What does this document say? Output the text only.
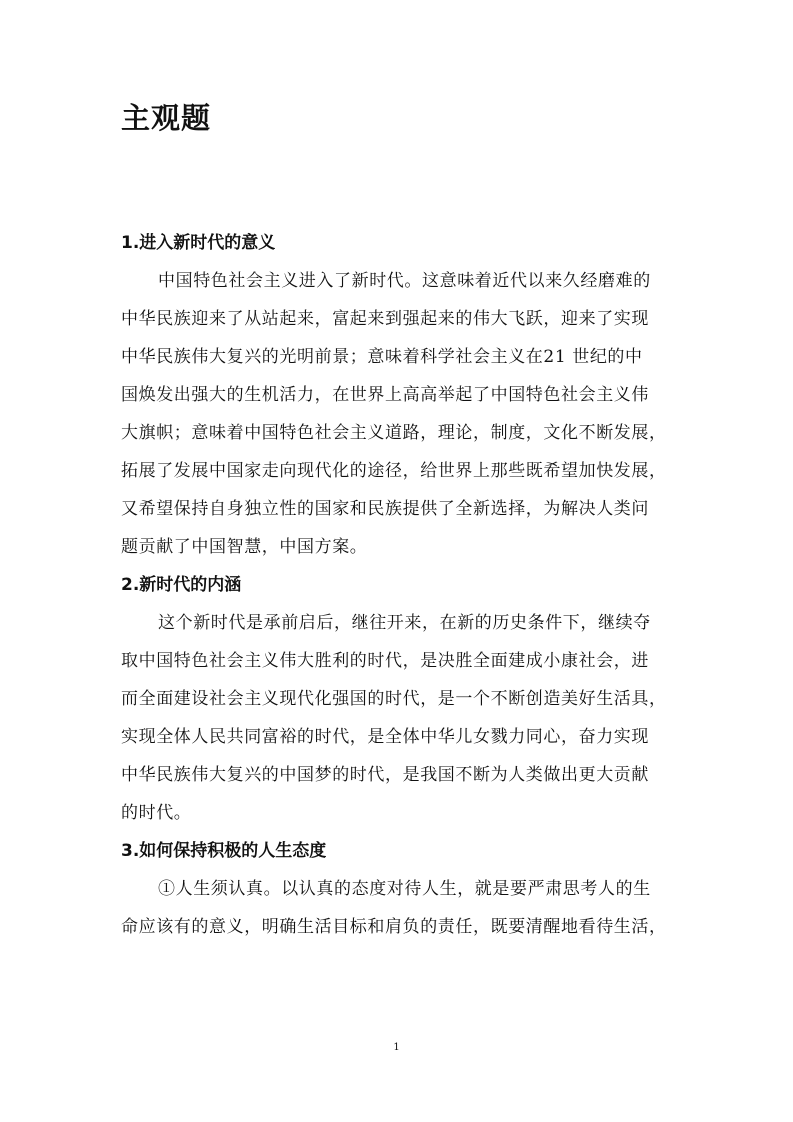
主观题
1.进入新时代的意义

中国特色社会主义进入了新时代。这意味着近代以来久经磨难的
中华民族迎来了从站起来，富起来到强起来的伟大飞跃，迎来了实现
中华民族伟大复兴的光明前景；意味着科学社会主义在21 世纪的中
国焕发出强大的生机活力，在世界上高高举起了中国特色社会主义伟
大旗帜；意味着中国特色社会主义道路，理论，制度，文化不断发展，
拓展了发展中国家走向现代化的途径，给世界上那些既希望加快发展，
又希望保持自身独立性的国家和民族提供了全新选择，为解决人类问
题贡献了中国智慧，中国方案。

2.新时代的内涵

这个新时代是承前启后，继往开来，在新的历史条件下，继续夺
取中国特色社会主义伟大胜利的时代，是决胜全面建成小康社会，进
而全面建设社会主义现代化强国的时代，是一个不断创造美好生活具，
实现全体人民共同富裕的时代，是全体中华儿女戮力同心，奋力实现
中华民族伟大复兴的中国梦的时代，是我国不断为人类做出更大贡献
的时代。

3.如何保持积极的人生态度

①人生须认真。以认真的态度对待人生，就是要严肃思考人的生
命应该有的意义，明确生活目标和肩负的责任，既要清醒地看待生活，

1
